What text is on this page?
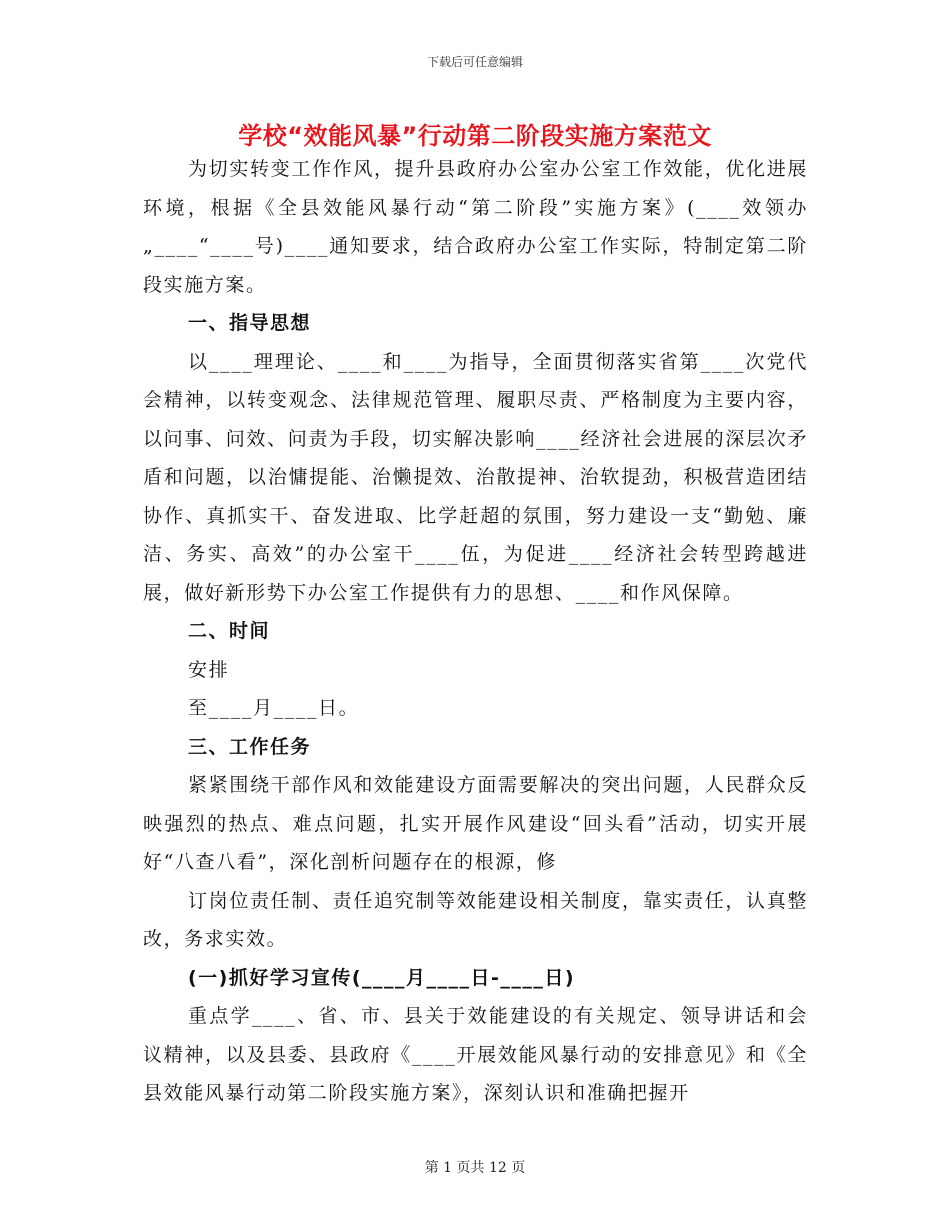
下载后可任意编辑
学校“效能风暴”行动第二阶段实施方案范文

为切实转变工作作风，提升县政府办公室办公室工作效能，优化进展环境，根据《全县效能风暴行动“第二阶段”实施方案》(____效领办„____“____号)____通知要求，结合政府办公室工作实际，特制定第二阶段实施方案。

一、指导思想

以____理理论、____和____为指导，全面贯彻落实省第____次党代会精神，以转变观念、法律规范管理、履职尽责、严格制度为主要内容，以问事、问效、问责为手段，切实解决影响____经济社会进展的深层次矛盾和问题，以治慵提能、治懒提效、治散提神、治软提劲，积极营造团结协作、真抓实干、奋发进取、比学赶超的氛围，努力建设一支“勤勉、廉洁、务实、高效”的办公室干____伍，为促进____经济社会转型跨越进展，做好新形势下办公室工作提供有力的思想、____和作风保障。

二、时间

安排

至____月____日。

三、工作任务

紧紧围绕干部作风和效能建设方面需要解决的突出问题，人民群众反映强烈的热点、难点问题，扎实开展作风建设“回头看”活动，切实开展好“八查八看”，深化剖析问题存在的根源，修

订岗位责任制、责任追究制等效能建设相关制度，靠实责任，认真整改，务求实效。

(一)抓好学习宣传(____月____日-____日)

重点学____、省、市、县关于效能建设的有关规定、领导讲话和会议精神，以及县委、县政府《____开展效能风暴行动的安排意见》和《全县效能风暴行动第二阶段实施方案》，深刻认识和准确把握开

第 1 页共 12 页
